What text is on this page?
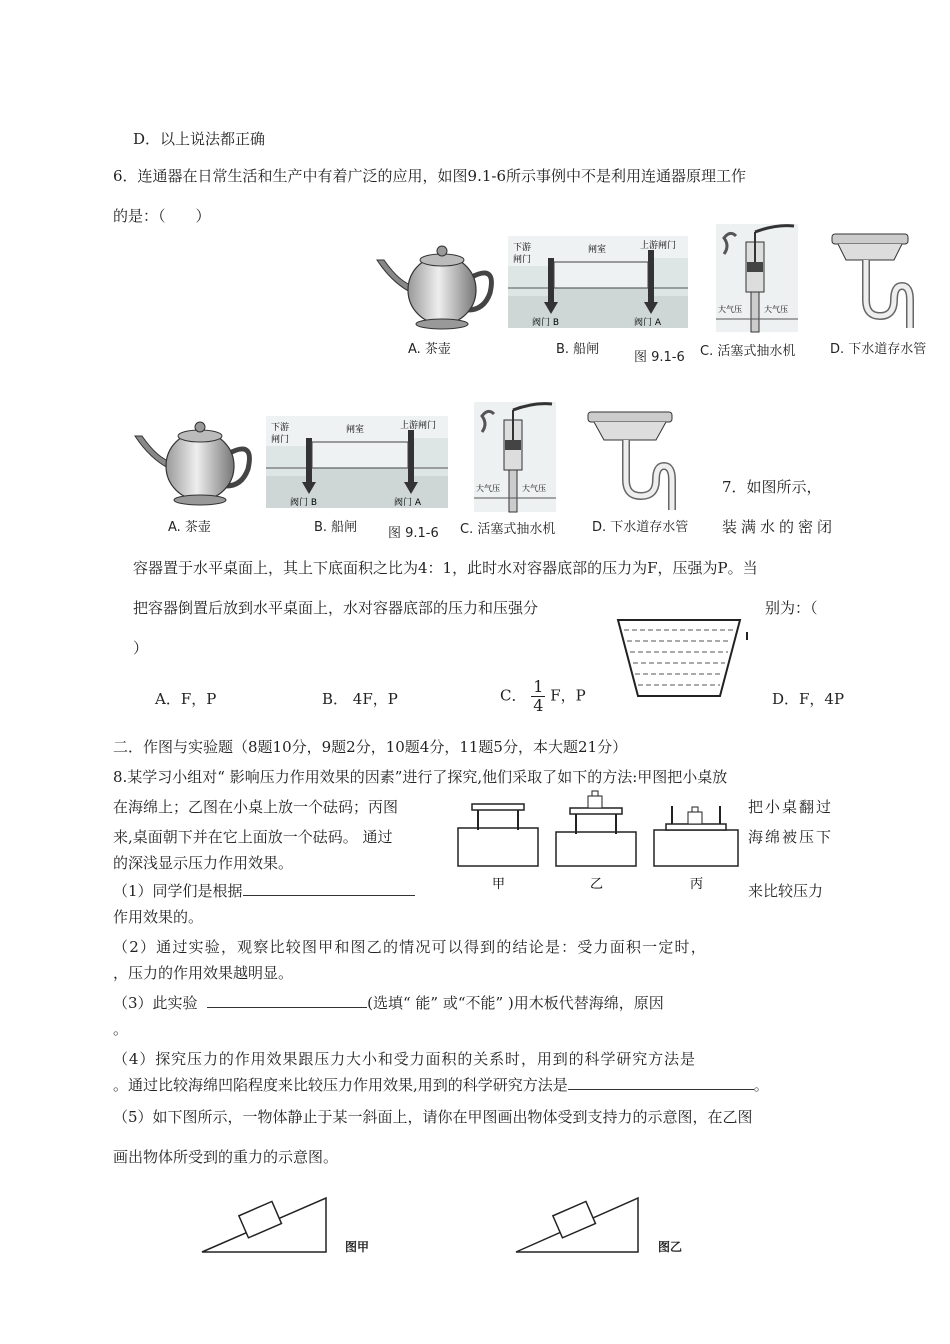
D．以上说法都正确
6．连通器在日常生活和生产中有着广泛的应用，如图9.1-6所示事例中不是利用连通器原理工作
的是：（　　）
下游
闸门
闸室	上游闸门
阀门 B	阀门 A
大气压	大气压
A. 茶壶	B. 船闸
图 9.1-6 C. 活塞式抽水机	D. 下水道存水管
下游
闸门
闸室	上游闸门
阀门 B	阀门 A
大气压	大气压
A. 茶壶	B. 船闸 图 9.1-6 C. 活塞式抽水机	D. 下水道存水管
7．如图所示，
装满水的密闭
容器置于水平桌面上，其上下底面积之比为4：1，此时水对容器底部的压力为F，压强为P。当
把容器倒置后放到水平桌面上，水对容器底部的压力和压强分	别为：（
）
A．F，P	B． 4F，P	C． $\frac{1}{4}$ F，P	D．F，4P
二．作图与实验题（8题10分，9题2分，10题4分，11题5分，本大题21分）
8.某学习小组对“ 影响压力作用效果的因素”进行了探究,他们采取了如下的方法:甲图把小桌放
在海绵上；乙图在小桌上放一个砝码；丙图	把小桌翻过
来,桌面朝下并在它上面放一个砝码。 通过	海绵被压下
的深浅显示压力作用效果。
甲	乙	丙
（1）同学们是根据	来比较压力
作用效果的。
（2）通过实验，观察比较图甲和图乙的情况可以得到的结论是：受力面积一定时，
，压力的作用效果越明显。
（3）此实验	(选填“ 能” 或“不能” )用木板代替海绵，原因
。
（4）探究压力的作用效果跟压力大小和受力面积的关系时，用到的科学研究方法是
。通过比较海绵凹陷程度来比较压力作用效果,用到的科学研究方法是	。
（5）如下图所示，一物体静止于某一斜面上，请你在甲图画出物体受到支持力的示意图，在乙图
画出物体所受到的重力的示意图。
图甲	图乙
